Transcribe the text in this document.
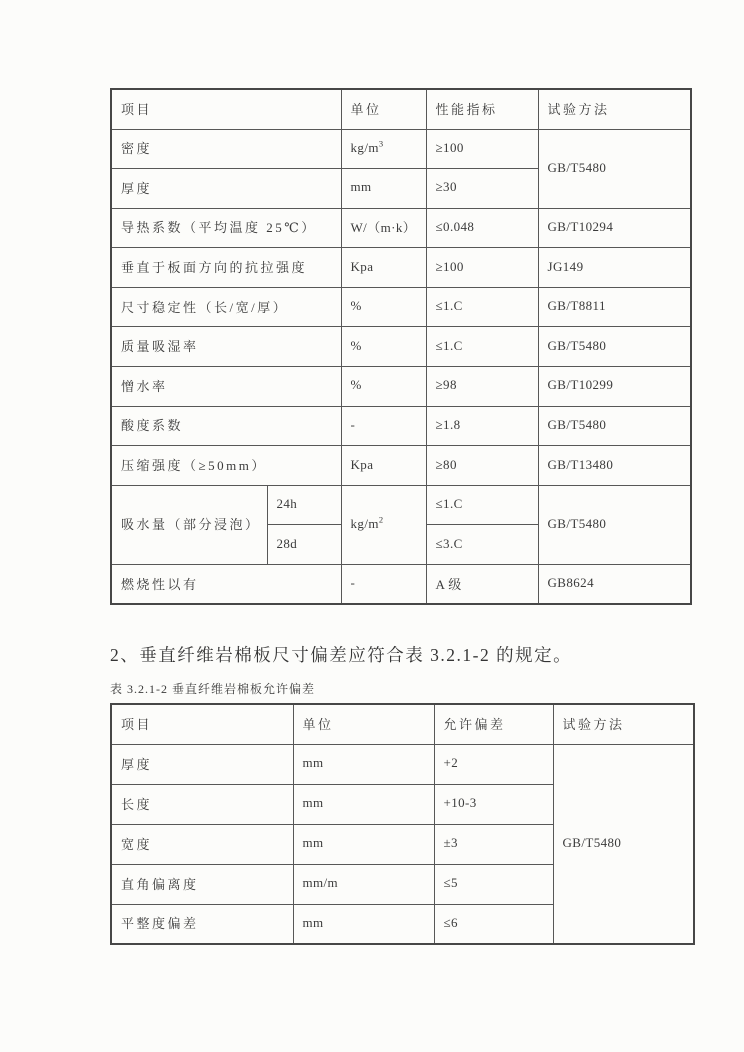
项目		单位	性能指标	试验方法
密度		$kg/m^3$	≥100	GB/T5480
厚度		mm	≥30	
导热系数（平均温度 25℃）		W/（m·k）	≤0.048	GB/T10294
垂直于板面方向的抗拉强度		Kpa	≥100	JG149
尺寸稳定性（长/宽/厚）		%	≤1.C	GB/T8811
质量吸湿率		%	≤1.C	GB/T5480
憎水率		%	≥98	GB/T10299
酸度系数		-	≥1.8	GB/T5480
压缩强度（≥50mm）		Kpa	≥80	GB/T13480
吸水量（部分浸泡）	24h	$kg/m^2$	≤1.C	GB/T5480
	28d		≤3.C	
燃烧性以有		-	A 级	GB8624
2、垂直纤维岩棉板尺寸偏差应符合表 3.2.1-2 的规定。
表 3.2.1-2 垂直纤维岩棉板允许偏差
项目	单位	允许偏差	试验方法
厚度	mm	+2	GB/T5480
长度	mm	+10-3	
宽度	mm	±3	
直角偏离度	mm/m	≤5	
平整度偏差	mm	≤6	
